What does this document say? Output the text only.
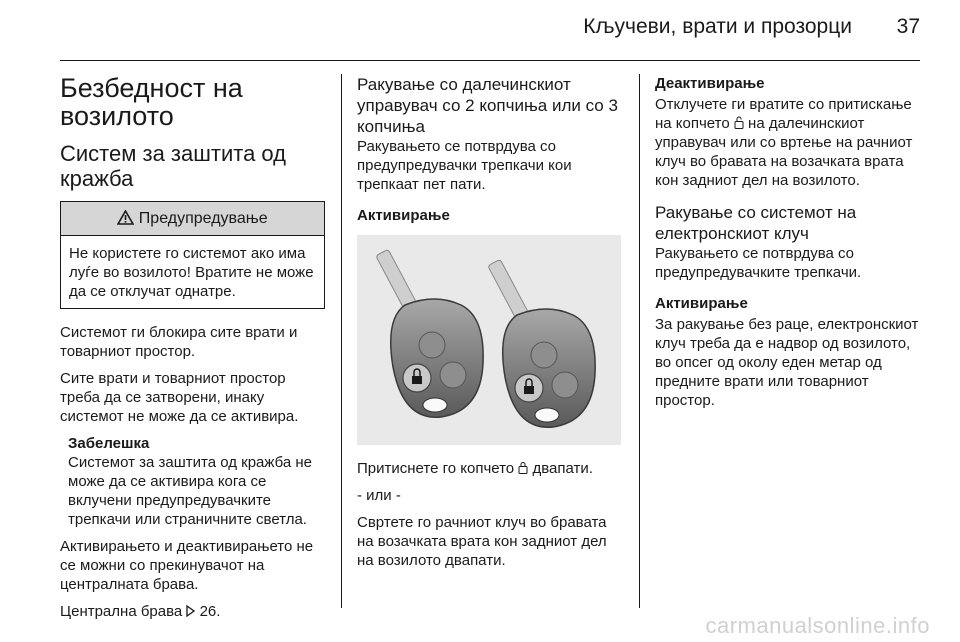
Кључеви, врати и прозорци 37
Безбедност на возилото
Систем за заштита од кражба
Предупредување
Не користете го системот ако има луѓе во возилото! Вратите не може да се отклучат однатре.

Системот ги блокира сите врати и товарниот простор.

Сите врати и товарниот простор треба да се затворени, инаку системот не може да се активира.

Забелешка
Системот за заштита од кражба не може да се активира кога се вклучени предупредувачките трепкачи или страничните светла.

Активирањето и деактивирањето не се можни со прекинувачот на централната брава.

Централна брава 26.

Ракување со далечинскиот управувач со 2 копчиња или со 3 копчиња

Ракувањето се потврдува со предупредувачки трепкачи кои трепкаат пет пати.

Активирање

Притиснете го копчето двапати.

- или -

Свртете го рачниот клуч во бравата на возачката врата кон задниот дел на возилото двапати.

Деактивирање

Отклучете ги вратите со притискање на копчето на далечинскиот управувач или со вртење на рачниот клуч во бравата на возачката врата кон задниот дел на возилото.

Ракување со системот на електронскиот клуч

Ракувањето се потврдува со предупредувачките трепкачи.

Активирање

За ракување без раце, електронскиот клуч треба да е надвор од возилото, во опсег од околу еден метар од предните врати или товарниот простор.

carmanualsonline.info
